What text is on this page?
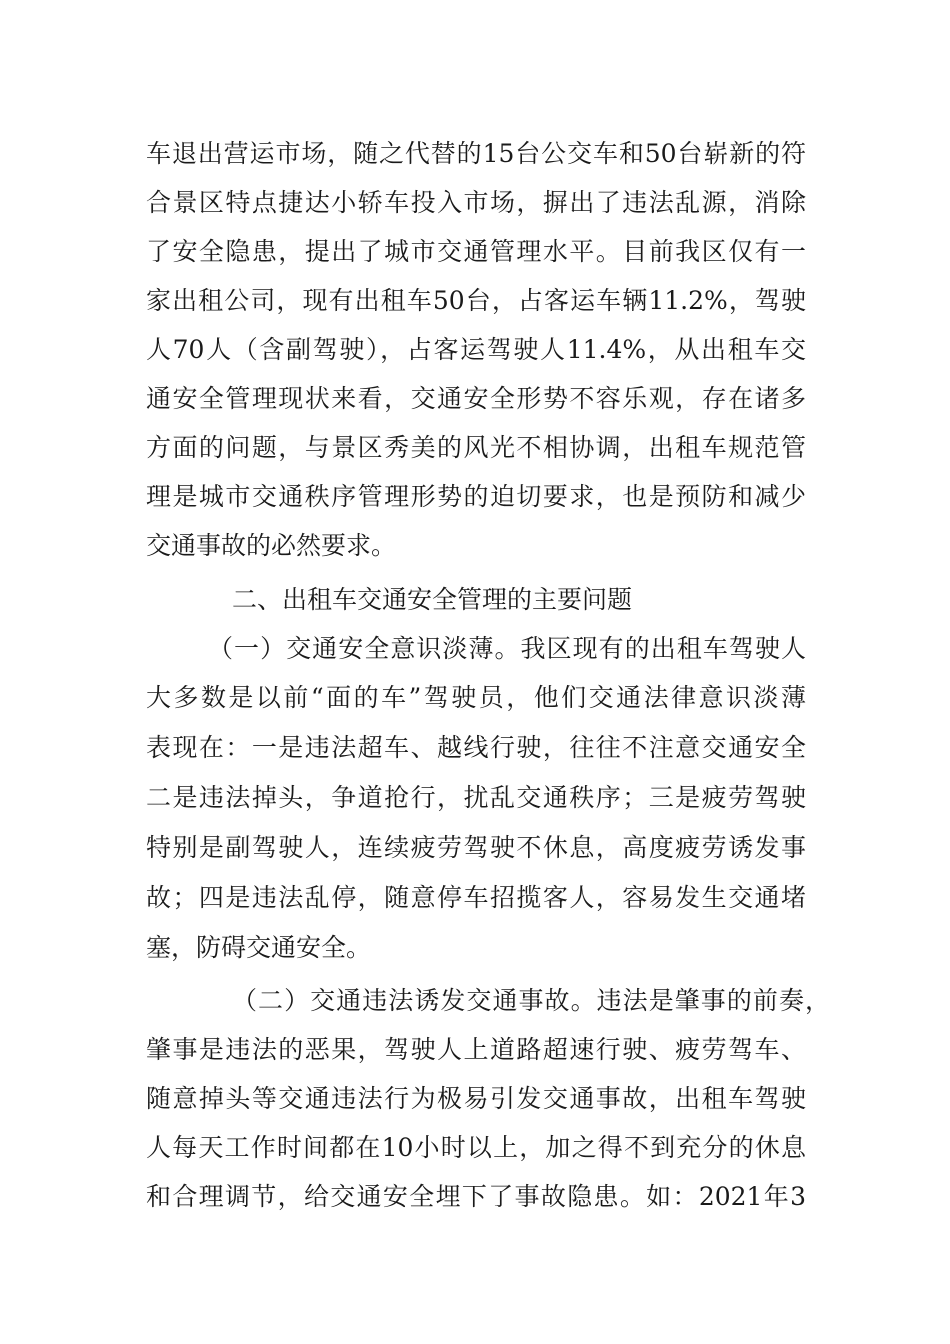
车退出营运市场，随之代替的15台公交车和50台崭新的符
合景区特点捷达小轿车投入市场，摒出了违法乱源，消除
了安全隐患，提出了城市交通管理水平。目前我区仅有一
家出租公司，现有出租车50台，占客运车辆11.2%，驾驶
人70人（含副驾驶），占客运驾驶人11.4%，从出租车交
通安全管理现状来看，交通安全形势不容乐观，存在诸多
方面的问题，与景区秀美的风光不相协调，出租车规范管
理是城市交通秩序管理形势的迫切要求，也是预防和减少
交通事故的必然要求。
二、出租车交通安全管理的主要问题
（一）交通安全意识淡薄。我区现有的出租车驾驶人
大多数是以前“面的车”驾驶员，他们交通法律意识淡薄
表现在：一是违法超车、越线行驶，往往不注意交通安全
二是违法掉头，争道抢行，扰乱交通秩序；三是疲劳驾驶
特别是副驾驶人，连续疲劳驾驶不休息，高度疲劳诱发事
故；四是违法乱停，随意停车招揽客人，容易发生交通堵
塞，防碍交通安全。
（二）交通违法诱发交通事故。违法是肇事的前奏，
肇事是违法的恶果，驾驶人上道路超速行驶、疲劳驾车、
随意掉头等交通违法行为极易引发交通事故，出租车驾驶
人每天工作时间都在10小时以上，加之得不到充分的休息
和合理调节，给交通安全埋下了事故隐患。如：2021年3
